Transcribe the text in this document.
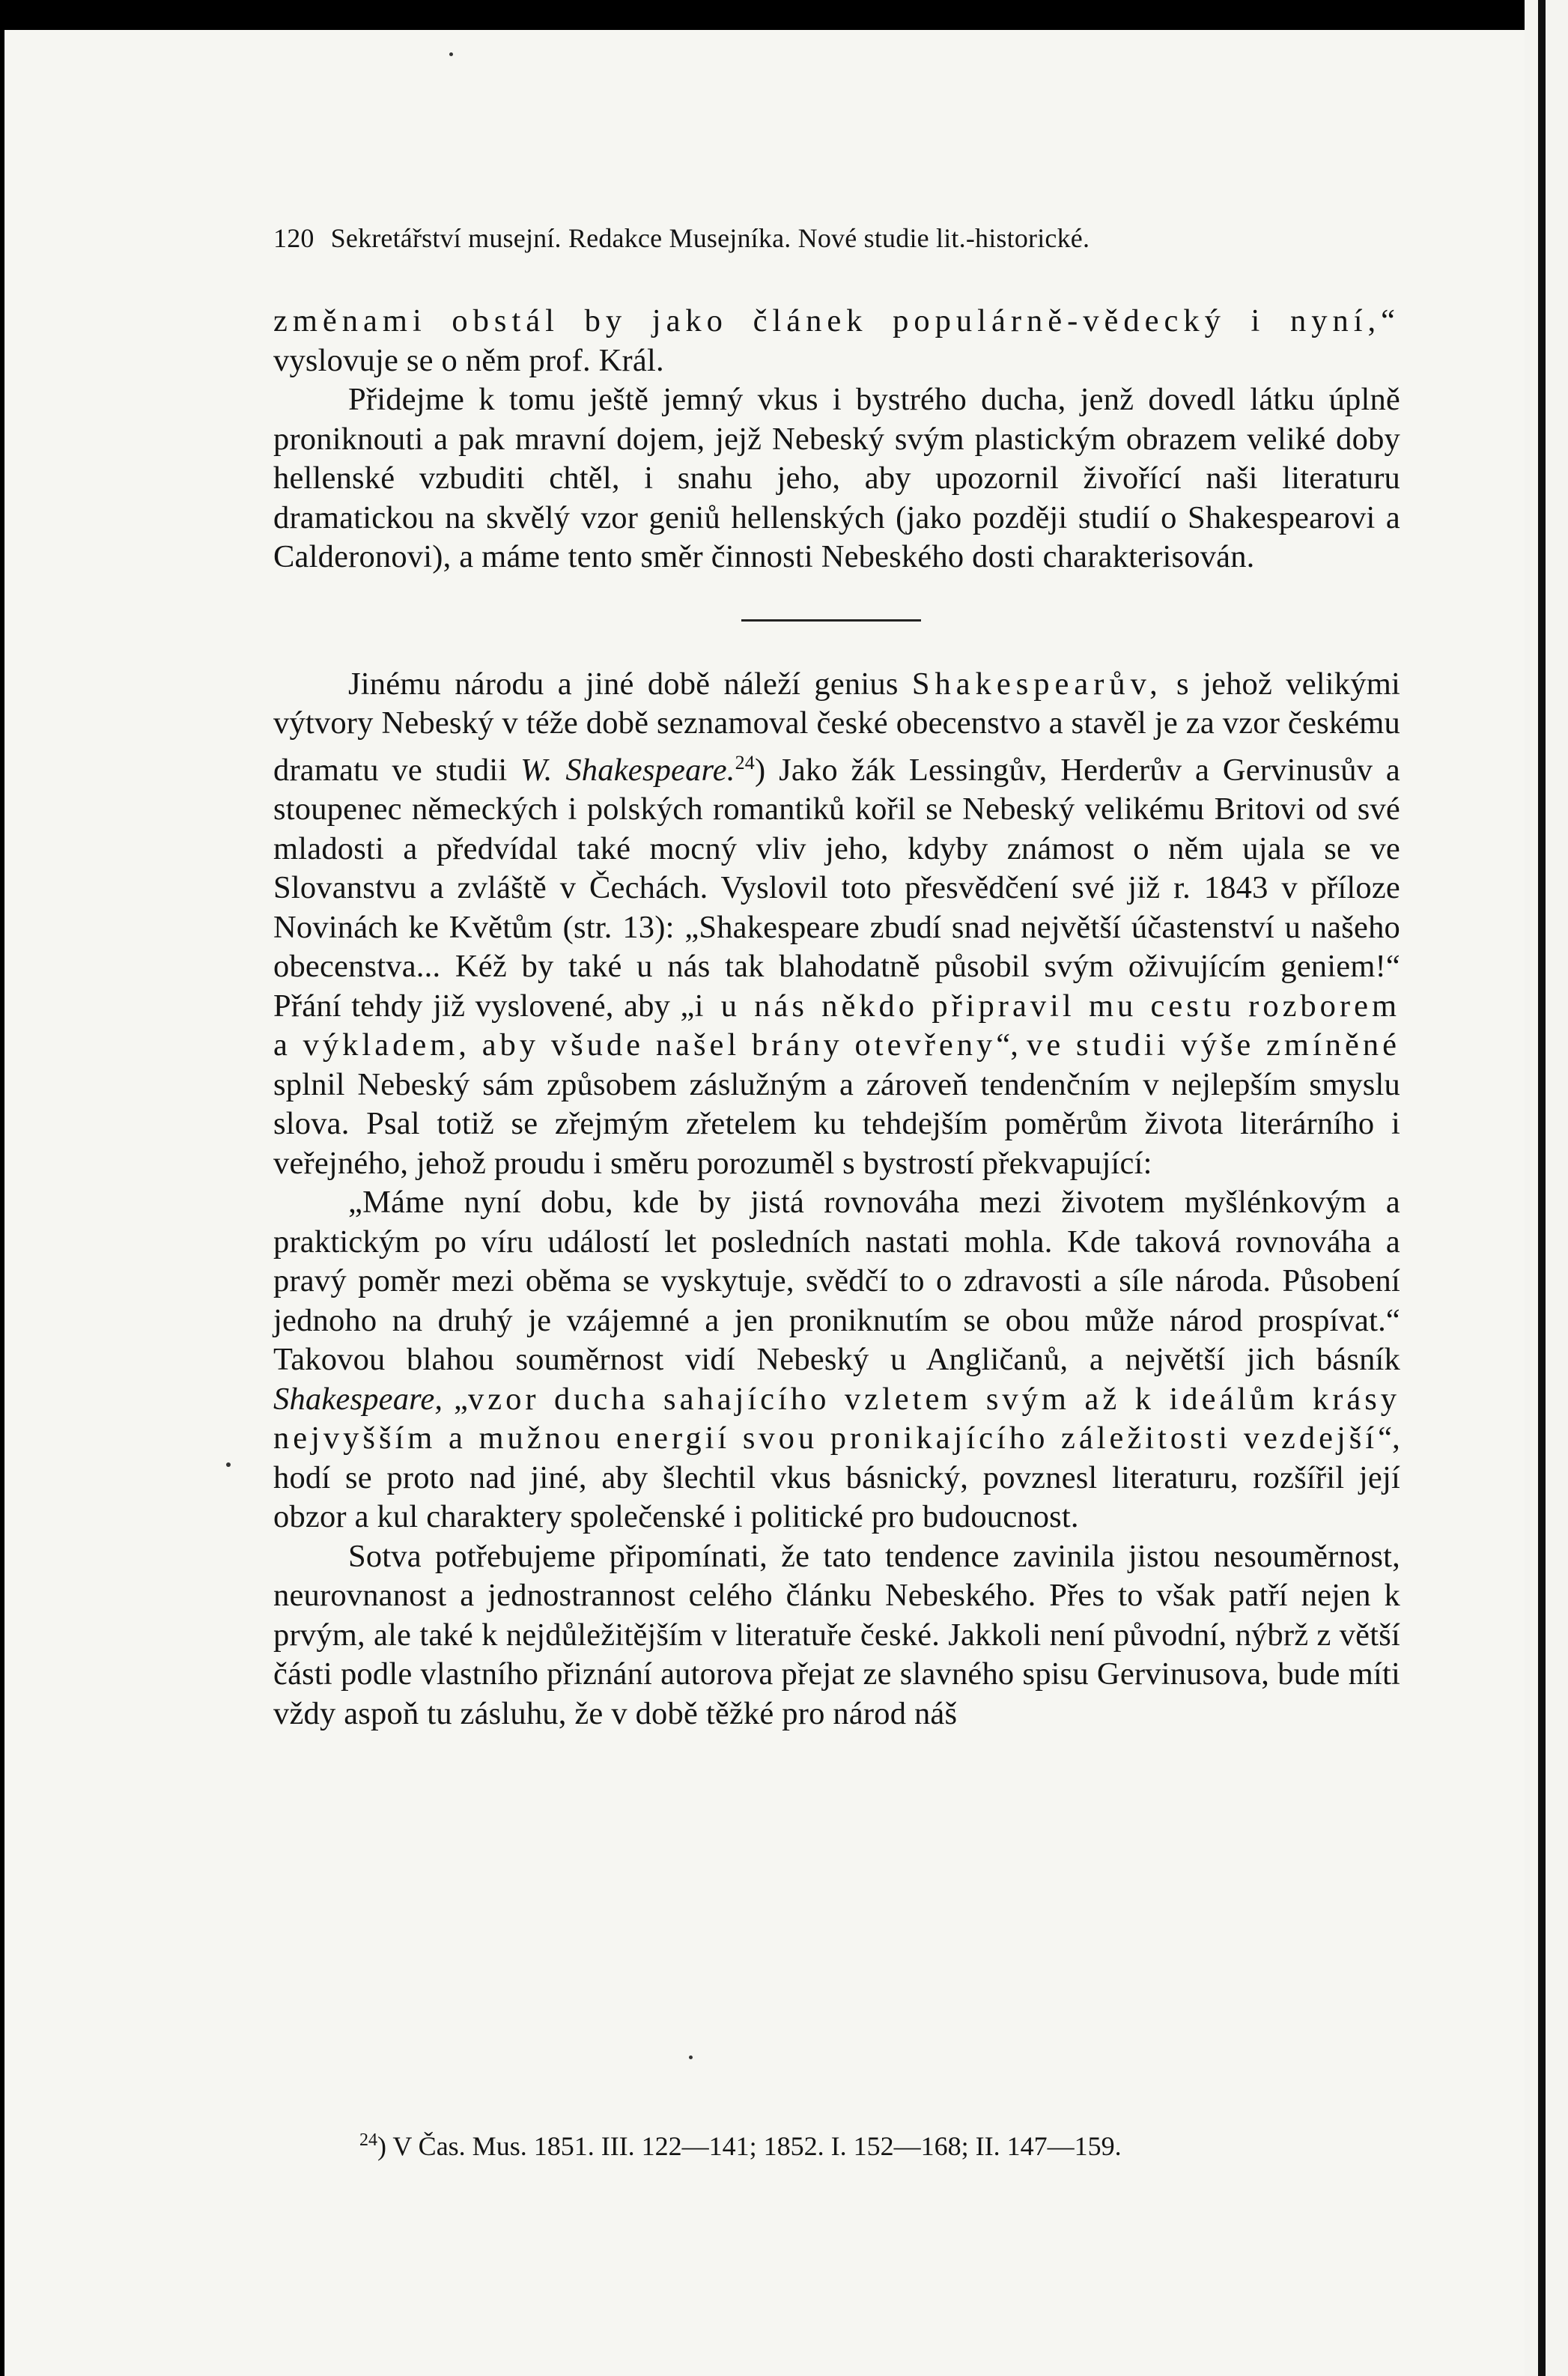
120 Sekretářství musejní. Redakce Musejníka. Nové studie lit.-historické.

změnami obstál by jako článek populárně-vědecký i nyní,“ vyslovuje se o něm prof. Král.

Přidejme k tomu ještě jemný vkus i bystrého ducha, jenž dovedl látku úplně proniknouti a pak mravní dojem, jejž Nebeský svým plastickým obrazem veliké doby hellenské vzbuditi chtěl, i snahu jeho, aby upozornil živořící naši literaturu dramatickou na skvělý vzor geniů hellenských (jako později studií o Shakespearovi a Calderonovi), a máme tento směr činnosti Nebeského dosti charakterisován.

Jinému národu a jiné době náleží genius Shakespearův, s jehož velikými výtvory Nebeský v téže době seznamoval české obecenstvo a stavěl je za vzor českému dramatu ve studii W. Shakespeare.$^{24}$) Jako žák Lessingův, Herderův a Gervinusův a stoupenec německých i polských romantiků kořil se Nebeský velikému Britovi od své mladosti a předvídal také mocný vliv jeho, kdyby známost o něm ujala se ve Slovanstvu a zvláště v Čechách. Vyslovil toto přesvědčení své již r. 1843 v příloze Novinách ke Květům (str. 13): „Shakespeare zbudí snad největší účastenství u našeho obecenstva... Kéž by také u nás tak blahodatně působil svým oživujícím geniem!“ Přání tehdy již vyslovené, aby „i u nás někdo připravil mu cestu rozborem a výkladem, aby všude našel brány otevřeny“, ve studii výše zmíněné splnil Nebeský sám způsobem záslužným a zároveň tendenčním v nejlepším smyslu slova. Psal totiž se zřejmým zřetelem ku tehdejším poměrům života literárního i veřejného, jehož proudu i směru porozuměl s bystrostí překvapující:

„Máme nyní dobu, kde by jistá rovnováha mezi životem myšlénkovým a praktickým po víru událostí let posledních nastati mohla. Kde taková rovnováha a pravý poměr mezi oběma se vyskytuje, svědčí to o zdravosti a síle národa. Působení jednoho na druhý je vzájemné a jen proniknutím se obou může národ prospívat.“ Takovou blahou souměrnost vidí Nebeský u Angličanů, a největší jich básník Shakespeare, „vzor ducha sahajícího vzletem svým až k ideálům krásy nejvyšším a mužnou energií svou pronikajícího záležitosti vezdejší“, hodí se proto nad jiné, aby šlechtil vkus básnický, povznesl literaturu, rozšířil její obzor a kul charaktery společenské i politické pro budoucnost.

Sotva potřebujeme připomínati, že tato tendence zavinila jistou nesouměrnost, neurovnanost a jednostrannost celého článku Nebeského. Přes to však patří nejen k prvým, ale také k nejdůležitějším v literatuře české. Jakkoli není původní, nýbrž z větší části podle vlastního přiznání autorova přejat ze slavného spisu Gervinusova, bude míti vždy aspoň tu zásluhu, že v době těžké pro národ náš

$^{24}$) V Čas. Mus. 1851. III. 122—141; 1852. I. 152—168; II. 147—159.
